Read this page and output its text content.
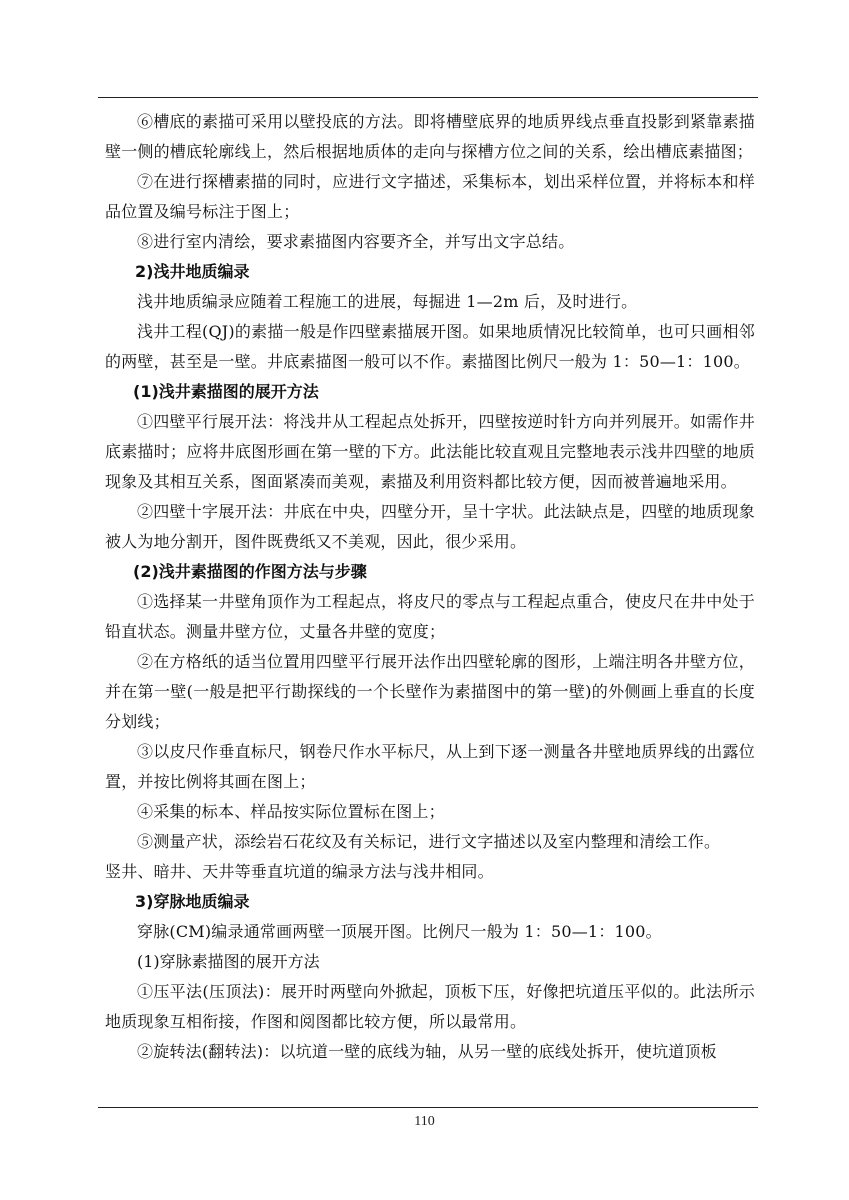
⑥槽底的素描可采用以壁投底的方法。即将槽壁底界的地质界线点垂直投影到紧靠素描壁一侧的槽底轮廓线上，然后根据地质体的走向与探槽方位之间的关系，绘出槽底素描图；

⑦在进行探槽素描的同时，应进行文字描述，采集标本，划出采样位置，并将标本和样品位置及编号标注于图上；

⑧进行室内清绘，要求素描图内容要齐全，并写出文字总结。

2)浅井地质编录

浅井地质编录应随着工程施工的进展，每掘进 1—2m 后，及时进行。

浅井工程(QJ)的素描一般是作四壁素描展开图。如果地质情况比较简单，也可只画相邻的两壁，甚至是一壁。井底素描图一般可以不作。素描图比例尺一般为 1：50—1：100。

(1)浅井素描图的展开方法

①四壁平行展开法：将浅井从工程起点处拆开，四壁按逆时针方向并列展开。如需作井底素描时；应将井底图形画在第一壁的下方。此法能比较直观且完整地表示浅井四壁的地质现象及其相互关系，图面紧凑而美观，素描及利用资料都比较方便，因而被普遍地采用。

②四壁十字展开法：井底在中央，四壁分开，呈十字状。此法缺点是，四壁的地质现象被人为地分割开，图件既费纸又不美观，因此，很少采用。

(2)浅井素描图的作图方法与步骤

①选择某一井壁角顶作为工程起点，将皮尺的零点与工程起点重合，使皮尺在井中处于铅直状态。测量井壁方位，丈量各井壁的宽度；

②在方格纸的适当位置用四壁平行展开法作出四壁轮廓的图形，上端注明各井壁方位，并在第一壁(一般是把平行勘探线的一个长壁作为素描图中的第一壁)的外侧画上垂直的长度分划线；

③以皮尺作垂直标尺，钢卷尺作水平标尺，从上到下逐一测量各井壁地质界线的出露位置，并按比例将其画在图上；

④采集的标本、样品按实际位置标在图上；

⑤测量产状，添绘岩石花纹及有关标记，进行文字描述以及室内整理和清绘工作。

竖井、暗井、天井等垂直坑道的编录方法与浅井相同。

3)穿脉地质编录

穿脉(CM)编录通常画两壁一顶展开图。比例尺一般为 1：50—1：100。

(1)穿脉素描图的展开方法

①压平法(压顶法)：展开时两壁向外掀起，顶板下压，好像把坑道压平似的。此法所示地质现象互相衔接，作图和阅图都比较方便，所以最常用。

②旋转法(翻转法)：以坑道一壁的底线为轴，从另一壁的底线处拆开，使坑道顶板

110
